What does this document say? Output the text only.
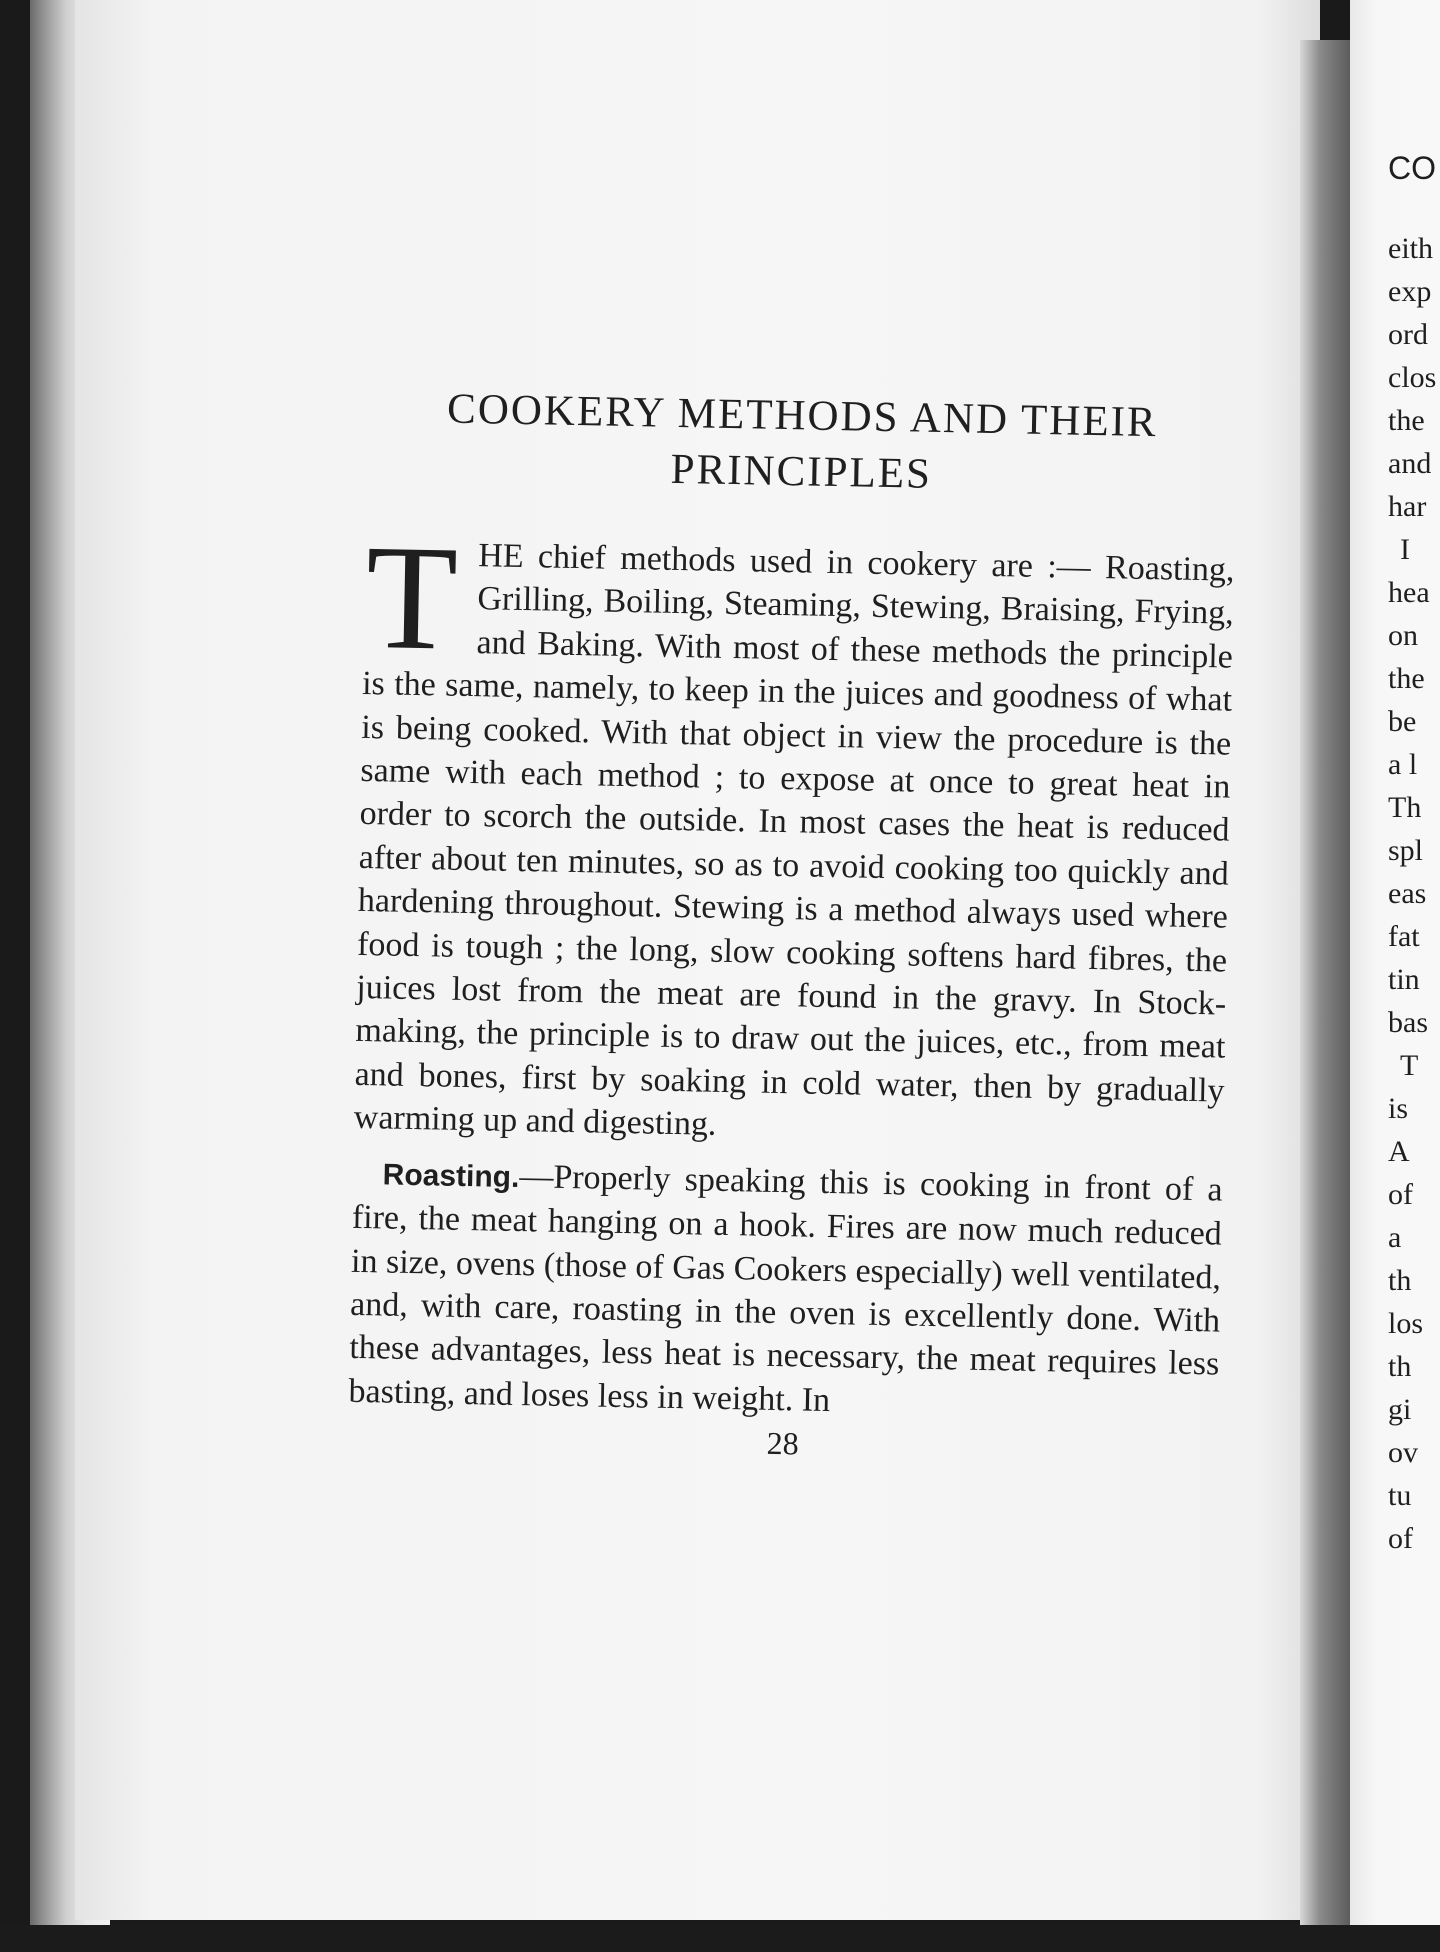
COOKERY METHODS AND THEIR
PRINCIPLES

THE chief methods used in cookery are :— Roasting, Grilling, Boiling, Steaming, Stewing, Braising, Frying, and Baking. With most of these methods the principle is the same, namely, to keep in the juices and goodness of what is being cooked. With that object in view the procedure is the same with each method ; to expose at once to great heat in order to scorch the outside. In most cases the heat is reduced after about ten minutes, so as to avoid cooking too quickly and hardening throughout. Stewing is a method always used where food is tough ; the long, slow cooking softens hard fibres, the juices lost from the meat are found in the gravy. In Stock-making, the principle is to draw out the juices, etc., from meat and bones, first by soaking in cold water, then by gradually warming up and digesting.

Roasting.—Properly speaking this is cooking in front of a fire, the meat hanging on a hook. Fires are now much reduced in size, ovens (those of Gas Cookers especially) well ventilated, and, with care, roasting in the oven is excellently done. With these advantages, less heat is necessary, the meat requires less basting, and loses less in weight. In

28
CO
eith
exp
ord
clos
the
and
har
I
hea
on
the
be
a l
Th
spl
eas
fat
tin
bas
T
is
A
of
a
th
los
th
gi
ov
tu
of
